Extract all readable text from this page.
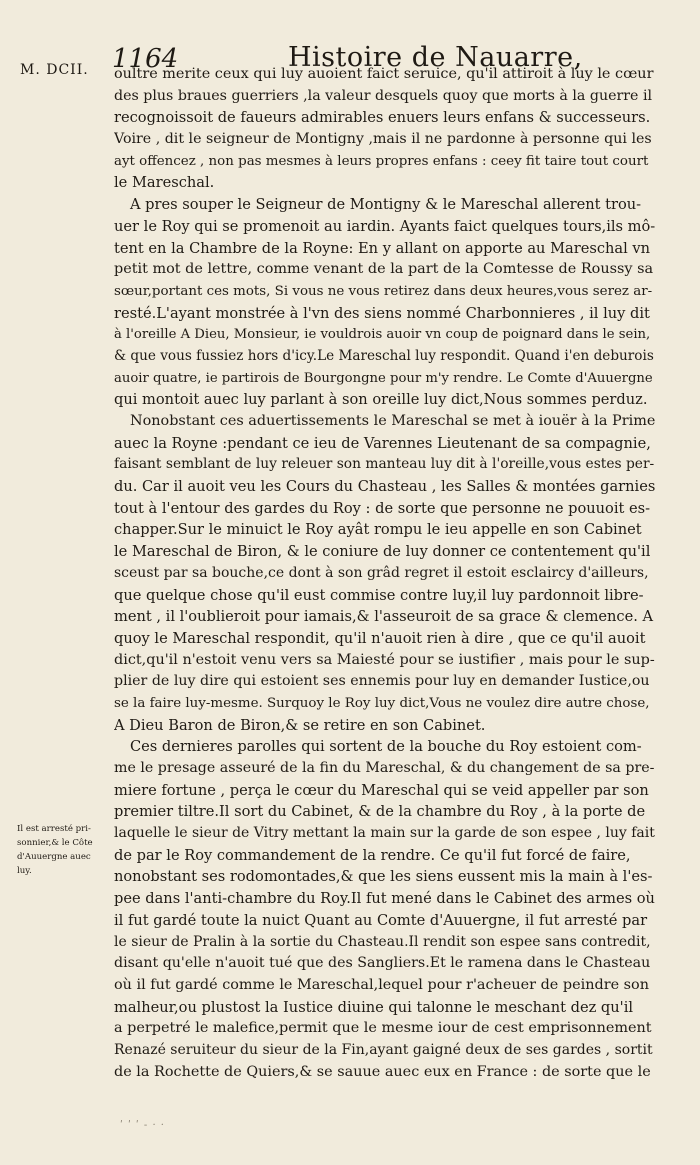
M. DCII. 1164	Histoire de Nauarre,
Il est arresté pri-
sonnier,& le Côte
d'Auuergne auec
luy.
oultre merite ceux qui luy auoient faict seruice, qu'il attiroit à luy le cœur
des plus braues guerriers ,la valeur desquels quoy que morts à la guerre il
recognoissoit de faueurs admirables enuers leurs enfans & successeurs.
Voire , dit le seigneur de Montigny ,mais il ne pardonne à personne qui les
ayt offencez , non pas mesmes à leurs propres enfans : ceey fit taire tout court
le Mareschal.
A pres souper le Seigneur de Montigny & le Mareschal allerent trou-
uer le Roy qui se promenoit au iardin. Ayants faict quelques tours,ils mô-
tent en la Chambre de la Royne: En y allant on apporte au Mareschal vn
petit mot de lettre, comme venant de la part de la Comtesse de Roussy sa
sœur,portant ces mots, Si vous ne vous retirez dans deux heures,vous serez ar-
resté.L'ayant monstrée à l'vn des siens nommé Charbonnieres , il luy dit
à l'oreille A Dieu, Monsieur, ie vouldrois auoir vn coup de poignard dans le sein,
& que vous fussiez hors d'icy.Le Mareschal luy respondit. Quand i'en deburois
auoir quatre, ie partirois de Bourgongne pour m'y rendre. Le Comte d'Auuergne
qui montoit auec luy parlant à son oreille luy dict,Nous sommes perduz.
Nonobstant ces aduertissements le Mareschal se met à iouër à la Prime
auec la Royne :pendant ce ieu de Varennes Lieutenant de sa compagnie,
faisant semblant de luy releuer son manteau luy dit à l'oreille,vous estes per-
du. Car il auoit veu les Cours du Chasteau , les Salles & montées garnies
tout à l'entour des gardes du Roy : de sorte que personne ne pouuoit es-
chapper.Sur le minuict le Roy ayât rompu le ieu appelle en son Cabinet
le Mareschal de Biron, & le coniure de luy donner ce contentement qu'il
sceust par sa bouche,ce dont à son grâd regret il estoit esclaircy d'ailleurs,
que quelque chose qu'il eust commise contre luy,il luy pardonnoit libre-
ment , il l'oublieroit pour iamais,& l'asseuroit de sa grace & clemence. A
quoy le Mareschal respondit, qu'il n'auoit rien à dire , que ce qu'il auoit
dict,qu'il n'estoit venu vers sa Maiesté pour se iustifier , mais pour le sup-
plier de luy dire qui estoient ses ennemis pour luy en demander Iustice,ou
se la faire luy-mesme. Surquoy le Roy luy dict,Vous ne voulez dire autre chose,
A Dieu Baron de Biron,& se retire en son Cabinet.
Ces dernieres parolles qui sortent de la bouche du Roy estoient com-
me le presage asseuré de la fin du Mareschal, & du changement de sa pre-
miere fortune , perça le cœur du Mareschal qui se veid appeller par son
premier tiltre.Il sort du Cabinet, & de la chambre du Roy , à la porte de
laquelle le sieur de Vitry mettant la main sur la garde de son espee , luy fait
de par le Roy commandement de la rendre. Ce qu'il fut forcé de faire,
nonobstant ses rodomontades,& que les siens eussent mis la main à l'es-
pee dans l'anti-chambre du Roy.Il fut mené dans le Cabinet des armes où
il fut gardé toute la nuict Quant au Comte d'Auuergne, il fut arresté par
le sieur de Pralin à la sortie du Chasteau.Il rendit son espee sans contredit,
disant qu'elle n'auoit tué que des Sangliers.Et le ramena dans le Chasteau
où il fut gardé comme le Mareschal,lequel pour r'acheuer de peindre son
malheur,ou plustost la Iustice diuine qui talonne le meschant dez qu'il
a perpetré le malefice,permit que le mesme iour de cest emprisonnement
Renazé seruiteur du sieur de la Fin,ayant gaigné deux de ses gardes , sortit
de la Rochette de Quiers,& se sauue auec eux en France : de sorte que le
ʹ ʹ ʹ - · ·
